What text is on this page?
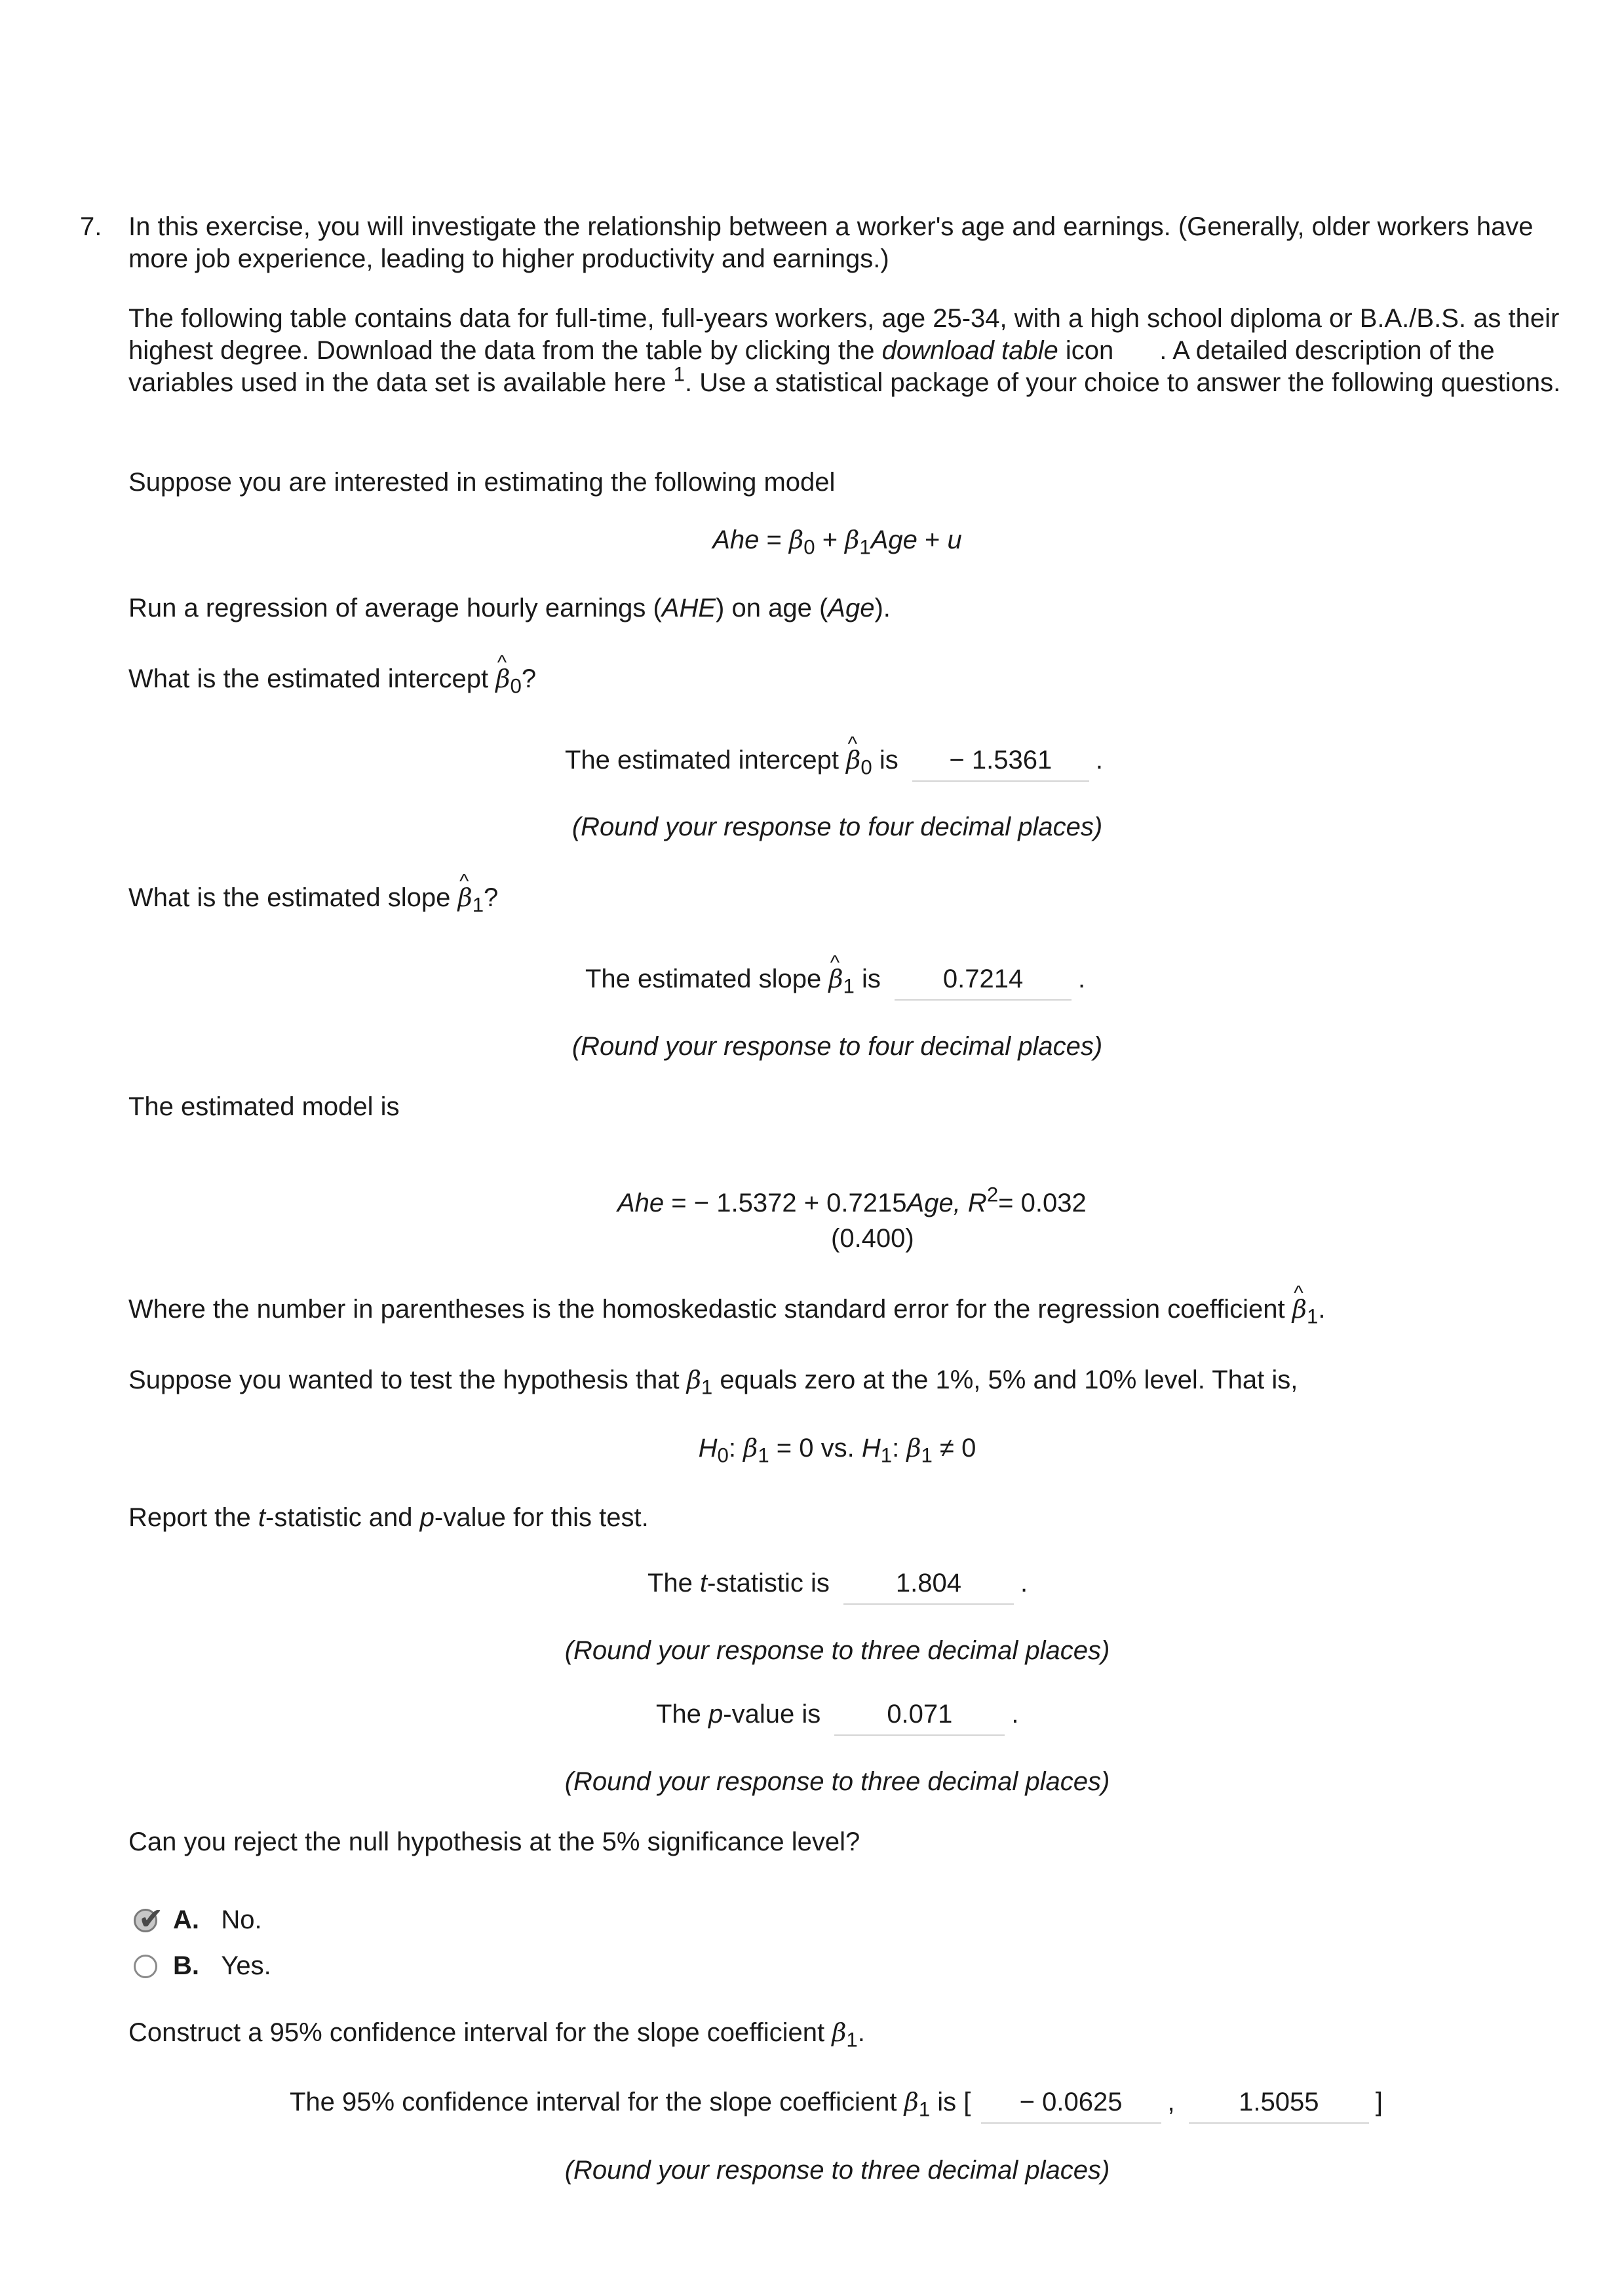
7. In this exercise, you will investigate the relationship between a worker's age and earnings. (Generally, older workers have more job experience, leading to higher productivity and earnings.)
The following table contains data for full-time, full-years workers, age 25-34, with a high school diploma or B.A./B.S. as their highest degree. Download the data from the table by clicking the download table icon . A detailed description of the variables used in the data set is available here $^1$. Use a statistical package of your choice to answer the following questions.
Suppose you are interested in estimating the following model
Ahe = $\beta_0 + \beta_1Age + u$
Run a regression of average hourly earnings (AHE) on age (Age).
What is the estimated intercept ^ $\beta_0$?
The estimated intercept ^ $\beta_0$ is − 1.5361 .
(Round your response to four decimal places)
What is the estimated slope ^ $\beta_1$?
The estimated slope ^ $\beta_1$ is 0.7214 .
(Round your response to four decimal places)
The estimated model is
Ahe = − 1.5372 + 0.7215Age, $R^2= 0.032$
(0.400)
Where the number in parentheses is the homoskedastic standard error for the regression coefficient ^ $\beta_1$.
Suppose you wanted to test the hypothesis that $\beta_1$ equals zero at the 1%, 5% and 10% level. That is,
$H_0$: $\beta_1 = 0$ vs. $H_1$: $\beta_1 \ne 0$
Report the t-statistic and p-value for this test.
The t-statistic is	1.804 .
(Round your response to three decimal places)
The p-value is	0.071 .
(Round your response to three decimal places)
Can you reject the null hypothesis at the 5% significance level?
✔ A. No.
B. Yes.
Construct a 95% confidence interval for the slope coefficient $\beta_1$.
The 95% confidence interval for the slope coefficient $\beta_1$ is [ − 0.0625 , 1.5055 ]
(Round your response to three decimal places)
